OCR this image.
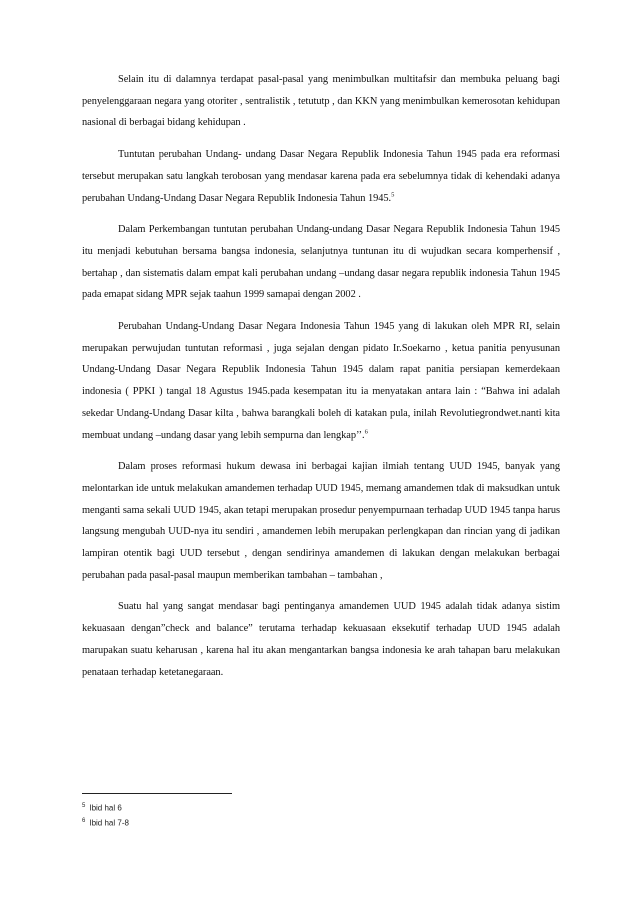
Selain itu di dalamnya terdapat pasal-pasal yang menimbulkan multitafsir dan membuka peluang bagi penyelenggaraan negara yang otoriter , sentralistik , tetututp , dan KKN yang menimbulkan kemerosotan kehidupan nasional di berbagai bidang kehidupan .

Tuntutan perubahan Undang- undang Dasar Negara Republik Indonesia Tahun 1945 pada era reformasi tersebut merupakan satu langkah terobosan yang mendasar karena pada era sebelumnya tidak di kehendaki adanya perubahan Undang-Undang Dasar Negara Republik Indonesia Tahun 1945.$^5$

Dalam Perkembangan tuntutan perubahan Undang-undang Dasar Negara Republik Indonesia Tahun 1945 itu menjadi kebutuhan bersama bangsa indonesia, selanjutnya tuntunan itu di wujudkan secara komperhensif , bertahap , dan sistematis dalam empat kali perubahan undang –undang dasar negara republik indonesia Tahun 1945 pada emapat sidang MPR sejak taahun 1999 samapai dengan 2002 .

Perubahan Undang-Undang Dasar Negara Indonesia Tahun 1945 yang di lakukan oleh MPR RI, selain merupakan perwujudan tuntutan reformasi , juga sejalan dengan pidato Ir.Soekarno , ketua panitia penyusunan Undang-Undang Dasar Negara Republik Indonesia Tahun 1945 dalam rapat panitia persiapan kemerdekaan indonesia ( PPKI ) tangal 18 Agustus 1945.pada kesempatan itu ia menyatakan antara lain : “Bahwa ini adalah sekedar Undang-Undang Dasar kilta , bahwa barangkali boleh di katakan pula, inilah Revolutiegrondwet.nanti kita membuat undang –undang dasar yang lebih sempurna dan lengkap’’.$^6$

Dalam proses reformasi hukum dewasa ini berbagai kajian ilmiah tentang UUD 1945, banyak yang melontarkan ide untuk melakukan amandemen terhadap UUD 1945, memang amandemen tdak di maksudkan untuk menganti sama sekali UUD 1945, akan tetapi merupakan prosedur penyempurnaan terhadap UUD 1945 tanpa harus langsung mengubah UUD-nya itu sendiri , amandemen lebih merupakan perlengkapan dan rincian yang di jadikan lampiran otentik bagi UUD tersebut , dengan sendirinya amandemen di lakukan dengan melakukan berbagai perubahan pada pasal-pasal maupun memberikan tambahan – tambahan ,

Suatu hal yang sangat mendasar bagi pentinganya amandemen UUD 1945 adalah tidak adanya sistim kekuasaan dengan”check and balance” terutama terhadap kekuasaan eksekutif terhadap UUD 1945 adalah marupakan suatu keharusan , karena hal itu akan mengantarkan bangsa indonesia ke arah tahapan baru melakukan penataan terhadap ketetanegaraan.

$^5$ Ibid hal 6

$^6$ Ibid hal 7-8
